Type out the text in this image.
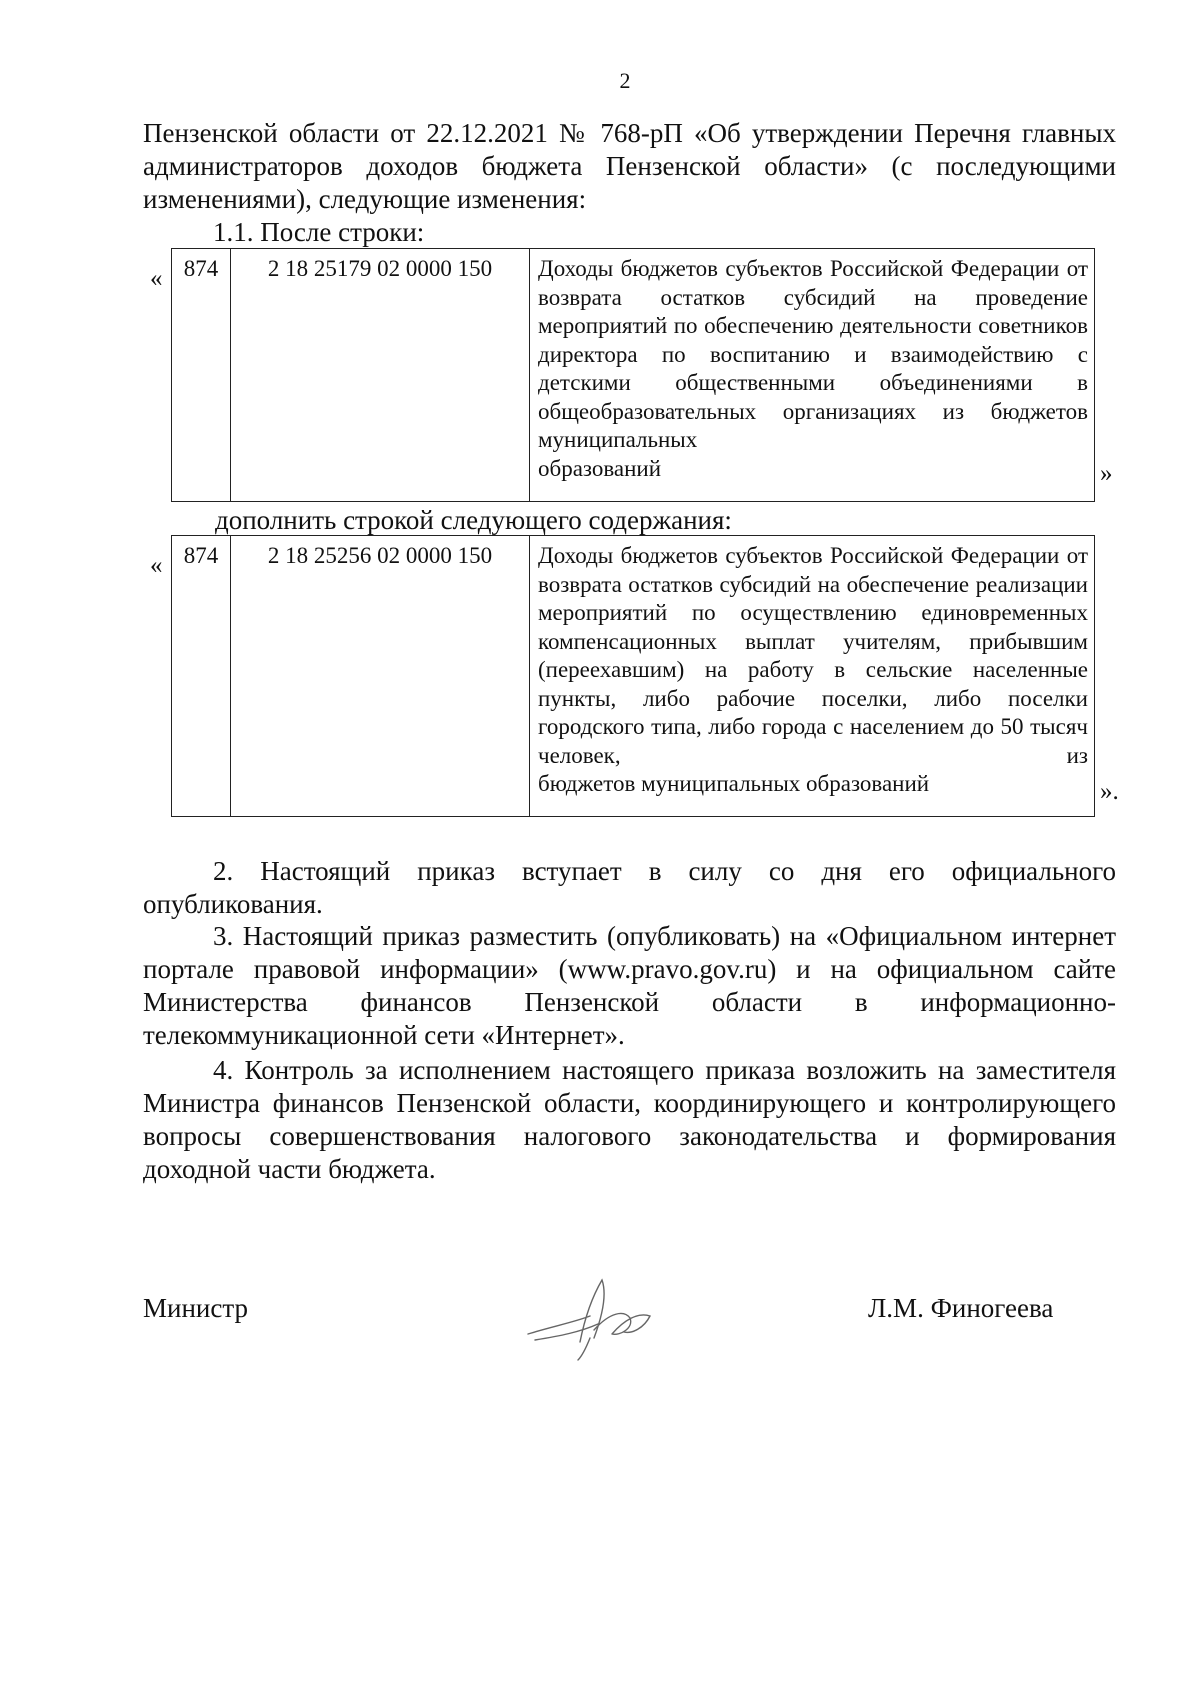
2

Пензенской области от 22.12.2021 № 768-рП «Об утверждении Перечня главных администраторов доходов бюджета Пензенской области» (с последующими изменениями), следующие изменения:

1.1. После строки:

« 874	2 18 25179 02 0000 150	Доходы бюджетов субъектов Российской Федерации от возврата остатков субсидий на проведение мероприятий по обеспечению деятельности советников директора по воспитанию и взаимодействию с детскими общественными объединениями в общеобразовательных организациях из бюджетов муниципальных
образований	»

дополнить строкой следующего содержания:

« 874	2 18 25256 02 0000 150	Доходы бюджетов субъектов Российской Федерации от возврата остатков субсидий на обеспечение реализации мероприятий по осуществлению единовременных компенсационных выплат учителям, прибывшим (переехавшим) на работу в сельские населенные пункты, либо рабочие поселки, либо поселки городского типа, либо города с населением до 50 тысяч человек, из
бюджетов муниципальных образований	».

2. Настоящий приказ вступает в силу со дня его официального опубликования.

3. Настоящий приказ разместить (опубликовать) на «Официальном интернет портале правовой информации» (www.pravo.gov.ru) и на официальном сайте Министерства финансов Пензенской области в информационно-телекоммуникационной сети «Интернет».

4. Контроль за исполнением настоящего приказа возложить на заместителя Министра финансов Пензенской области, координирующего и контролирующего вопросы совершенствования налогового законодательства и формирования доходной части бюджета.

Министр	Л.М. Финогеева
